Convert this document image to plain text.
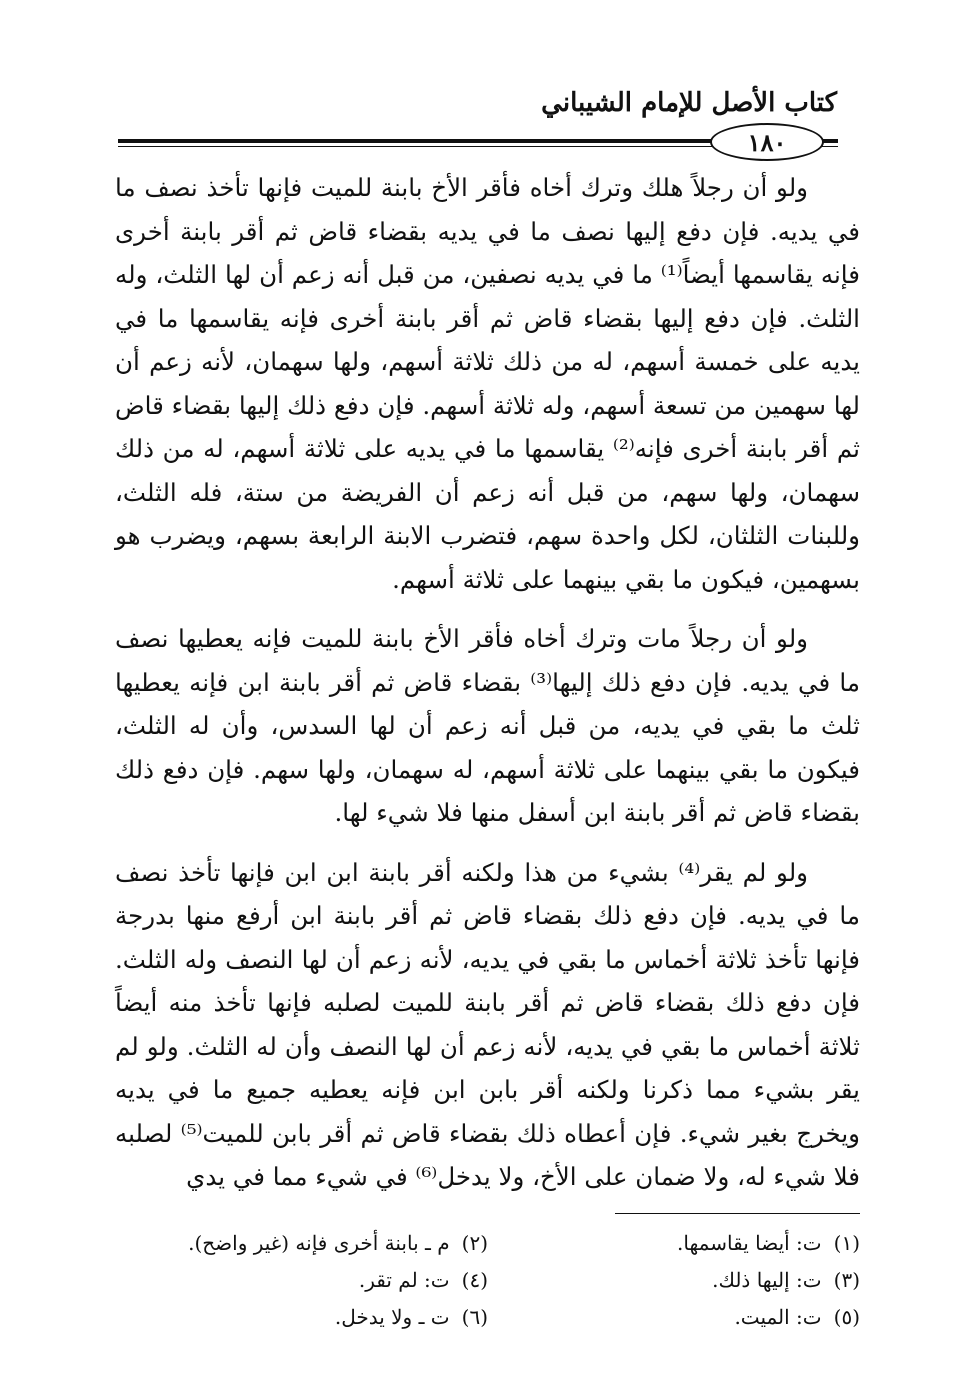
كتاب الأصل للإمام الشيباني
١٨٠

ولو أن رجلاً هلك وترك أخاه فأقر الأخ بابنة للميت فإنها تأخذ نصف ما في يديه. فإن دفع إليها نصف ما في يديه بقضاء قاض ثم أقر بابنة أخرى فإنه يقاسمها أيضاً⁽¹⁾ ما في يديه نصفين، من قبل أنه زعم أن لها الثلث، وله الثلث. فإن دفع إليها بقضاء قاض ثم أقر بابنة أخرى فإنه يقاسمها ما في يديه على خمسة أسهم، له من ذلك ثلاثة أسهم، ولها سهمان، لأنه زعم أن لها سهمين من تسعة أسهم، وله ثلاثة أسهم. فإن دفع ذلك إليها بقضاء قاض ثم أقر بابنة أخرى فإنه⁽²⁾ يقاسمها ما في يديه على ثلاثة أسهم، له من ذلك سهمان، ولها سهم، من قبل أنه زعم أن الفريضة من ستة، فله الثلث، وللبنات الثلثان، لكل واحدة سهم، فتضرب الابنة الرابعة بسهم، ويضرب هو بسهمين، فيكون ما بقي بينهما على ثلاثة أسهم.

ولو أن رجلاً مات وترك أخاه فأقر الأخ بابنة للميت فإنه يعطيها نصف ما في يديه. فإن دفع ذلك إليها⁽³⁾ بقضاء قاض ثم أقر بابنة ابن فإنه يعطيها ثلث ما بقي في يديه، من قبل أنه زعم أن لها السدس، وأن له الثلث، فيكون ما بقي بينهما على ثلاثة أسهم، له سهمان، ولها سهم. فإن دفع ذلك بقضاء قاض ثم أقر بابنة ابن أسفل منها فلا شيء لها.

ولو لم يقر⁽⁴⁾ بشيء من هذا ولكنه أقر بابنة ابن ابن فإنها تأخذ نصف ما في يديه. فإن دفع ذلك بقضاء قاض ثم أقر بابنة ابن أرفع منها بدرجة فإنها تأخذ ثلاثة أخماس ما بقي في يديه، لأنه زعم أن لها النصف وله الثلث. فإن دفع ذلك بقضاء قاض ثم أقر بابنة للميت لصلبه فإنها تأخذ منه أيضاً ثلاثة أخماس ما بقي في يديه، لأنه زعم أن لها النصف وأن له الثلث. ولو لم يقر بشيء مما ذكرنا ولكنه أقر بابن ابن فإنه يعطيه جميع ما في يديه ويخرج بغير شيء. فإن أعطاه ذلك بقضاء قاض ثم أقر بابن للميت⁽⁵⁾ لصلبه فلا شيء له، ولا ضمان على الأخ، ولا يدخل⁽⁶⁾ في شيء مما في يدي

(١)ت: أيضا يقاسمها.
(٢)م ـ بابنة أخرى فإنه (غير واضح).
(٣)ت: إليها ذلك.
(٤)ت: لم تقر.
(٥)ت: الميت.
(٦)ت ـ ولا يدخل.
